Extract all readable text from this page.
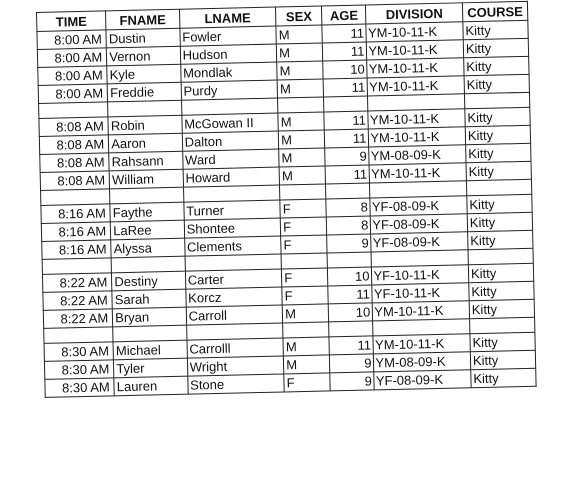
TIME	FNAME	LNAME	SEX	AGE	DIVISION	COURSE
8:00 AM	Dustin	Fowler	M	11	YM-10-11-K	Kitty
8:00 AM	Vernon	Hudson	M	11	YM-10-11-K	Kitty
8:00 AM	Kyle	Mondlak	M	10	YM-10-11-K	Kitty
8:00 AM	Freddie	Purdy	M	11	YM-10-11-K	Kitty

8:08 AM	Robin	McGowan II	M	11	YM-10-11-K	Kitty
8:08 AM	Aaron	Dalton	M	11	YM-10-11-K	Kitty
8:08 AM	Rahsann	Ward	M	9	YM-08-09-K	Kitty
8:08 AM	William	Howard	M	11	YM-10-11-K	Kitty

8:16 AM	Faythe	Turner	F	8	YF-08-09-K	Kitty
8:16 AM	LaRee	Shontee	F	8	YF-08-09-K	Kitty
8:16 AM	Alyssa	Clements	F	9	YF-08-09-K	Kitty

8:22 AM	Destiny	Carter	F	10	YF-10-11-K	Kitty
8:22 AM	Sarah	Korcz	F	11	YF-10-11-K	Kitty
8:22 AM	Bryan	Carroll	M	10	YM-10-11-K	Kitty

8:30 AM	Michael	Carrolll	M	11	YM-10-11-K	Kitty
8:30 AM	Tyler	Wright	M	9	YM-08-09-K	Kitty
8:30 AM	Lauren	Stone	F	9	YF-08-09-K	Kitty
